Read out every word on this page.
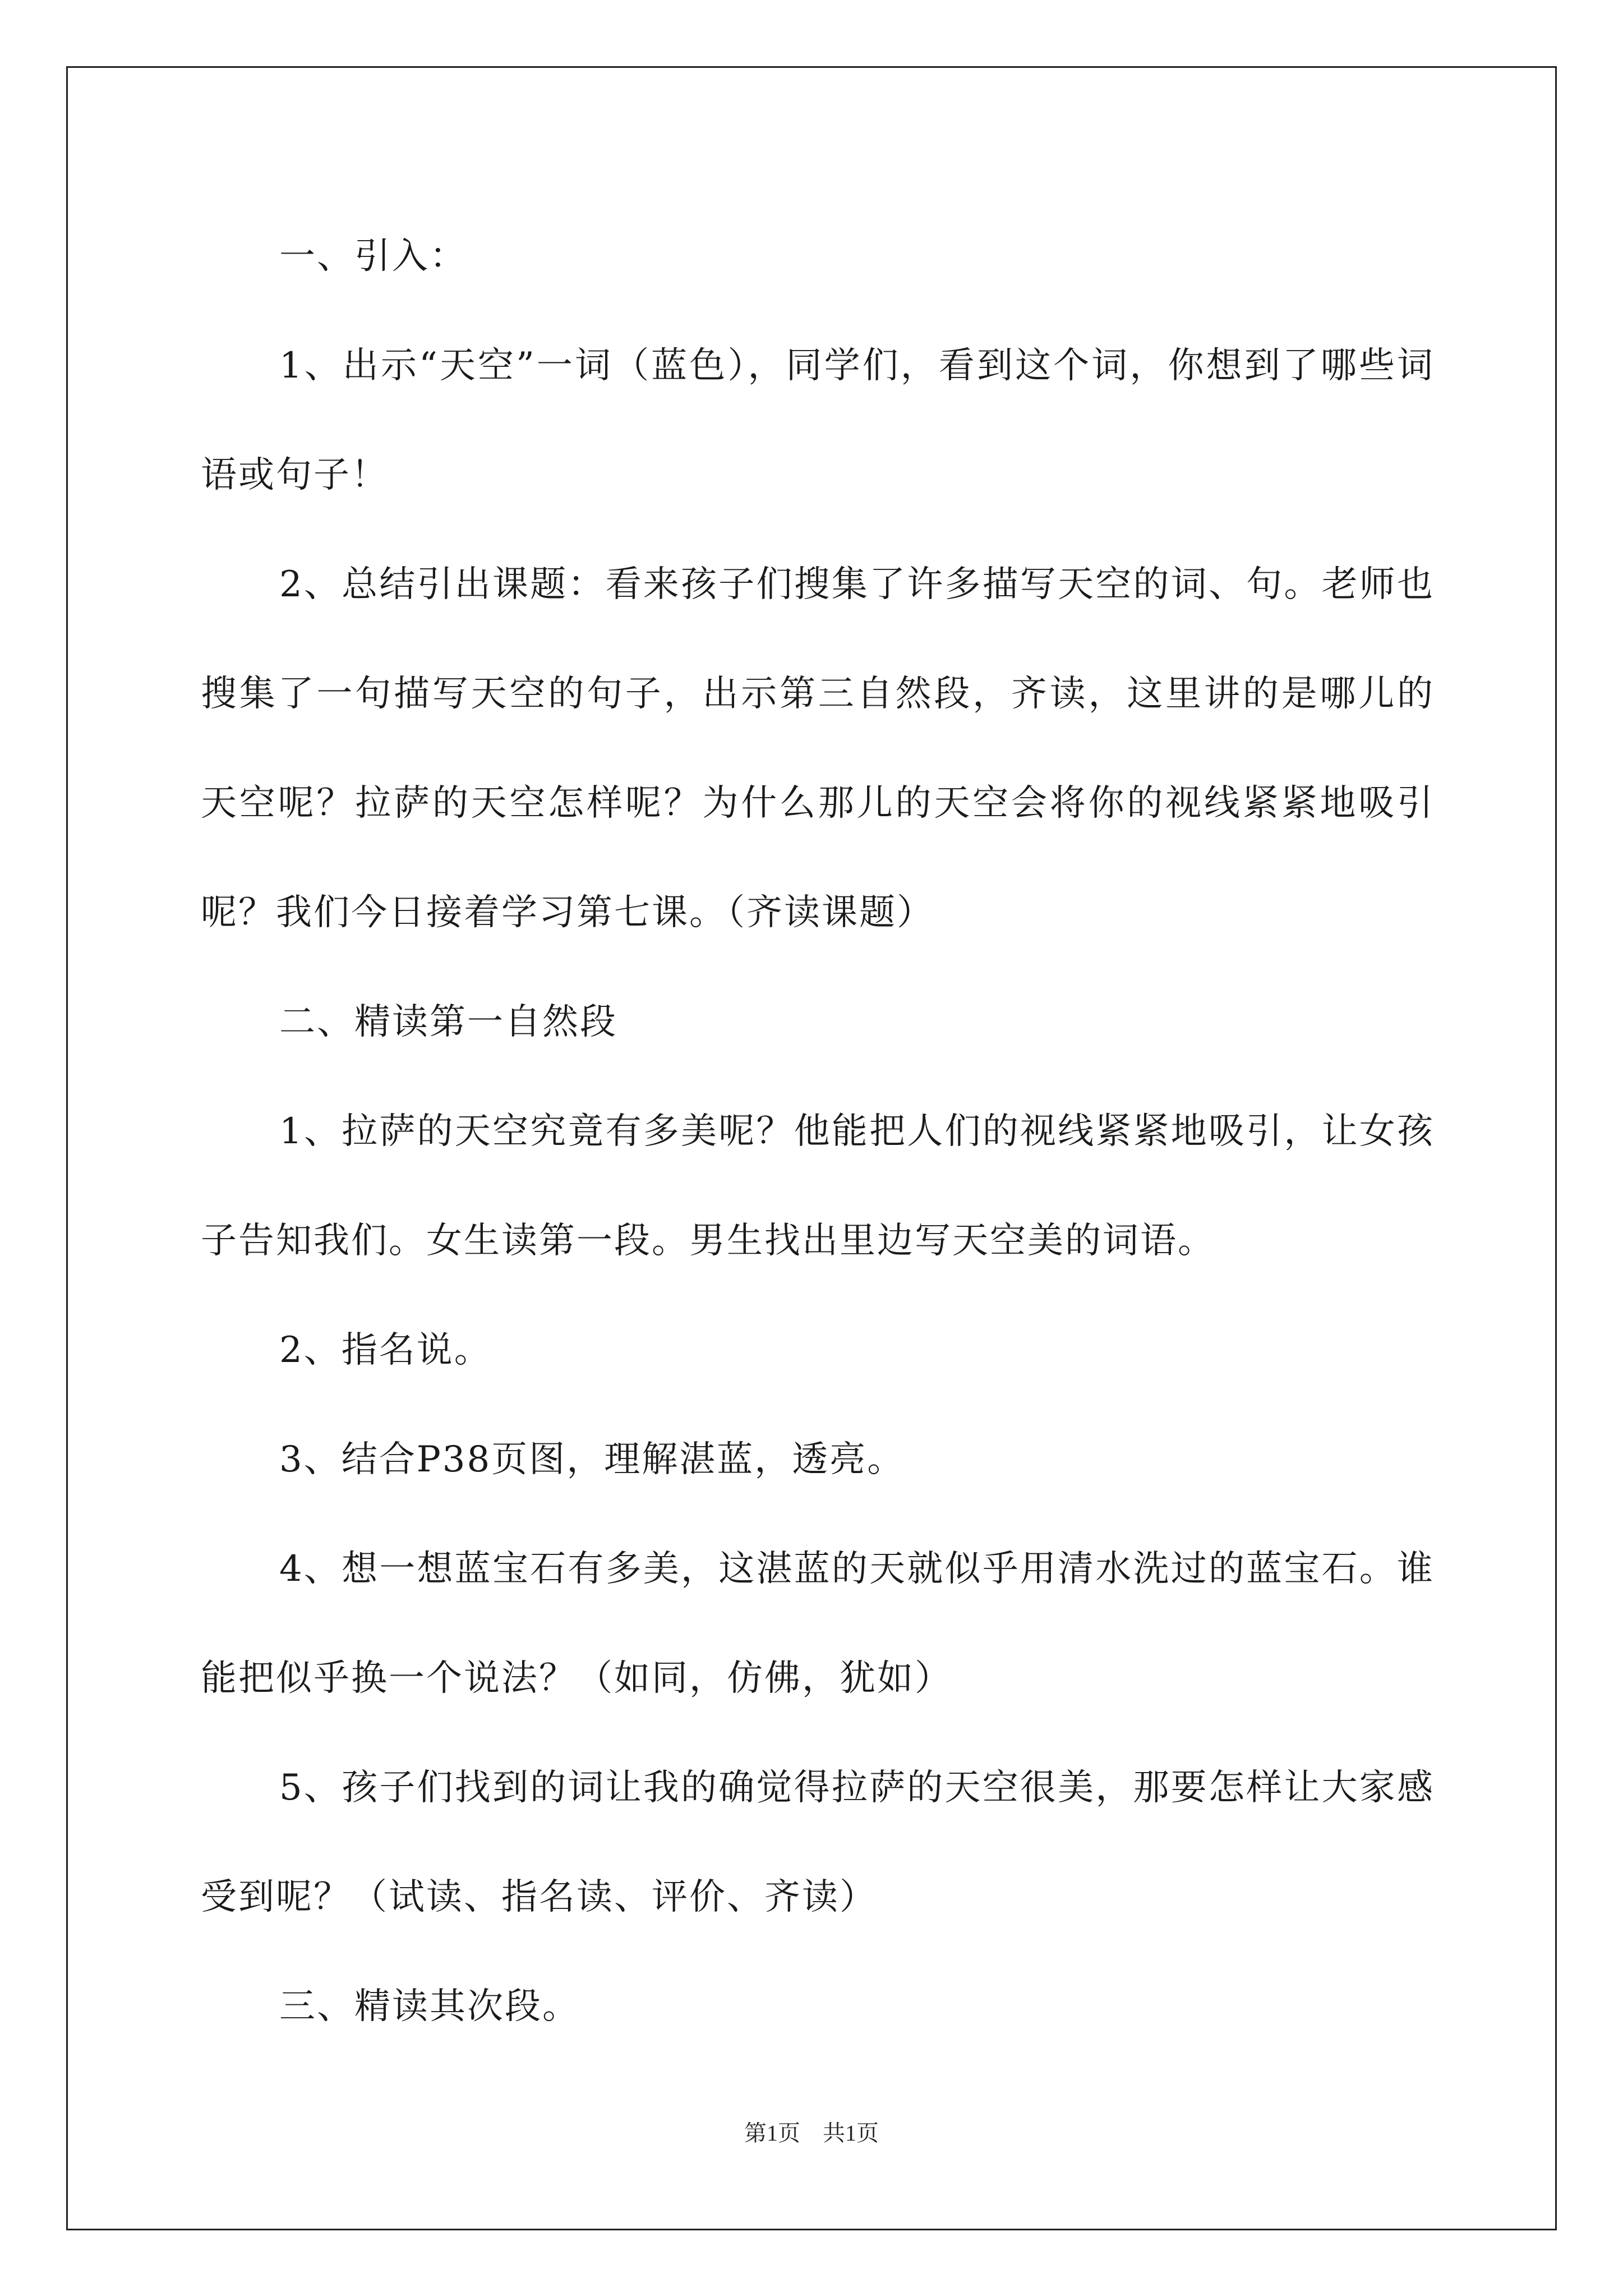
一、引入：

1、出示“天空”一词（蓝色），同学们，看到这个词，你想到了哪些词语或句子！

2、总结引出课题：看来孩子们搜集了许多描写天空的词、句。老师也搜集了一句描写天空的句子，出示第三自然段，齐读，这里讲的是哪儿的天空呢？拉萨的天空怎样呢？为什么那儿的天空会将你的视线紧紧地吸引呢？我们今日接着学习第七课。（齐读课题）

二、精读第一自然段

1、拉萨的天空究竟有多美呢？他能把人们的视线紧紧地吸引，让女孩子告知我们。女生读第一段。男生找出里边写天空美的词语。

2、指名说。

3、结合P38页图，理解湛蓝，透亮。

4、想一想蓝宝石有多美，这湛蓝的天就似乎用清水洗过的蓝宝石。谁能把似乎换一个说法？（如同，仿佛，犹如）

5、孩子们找到的词让我的确觉得拉萨的天空很美，那要怎样让大家感受到呢？（试读、指名读、评价、齐读）

三、精读其次段。

第1页　共1页
